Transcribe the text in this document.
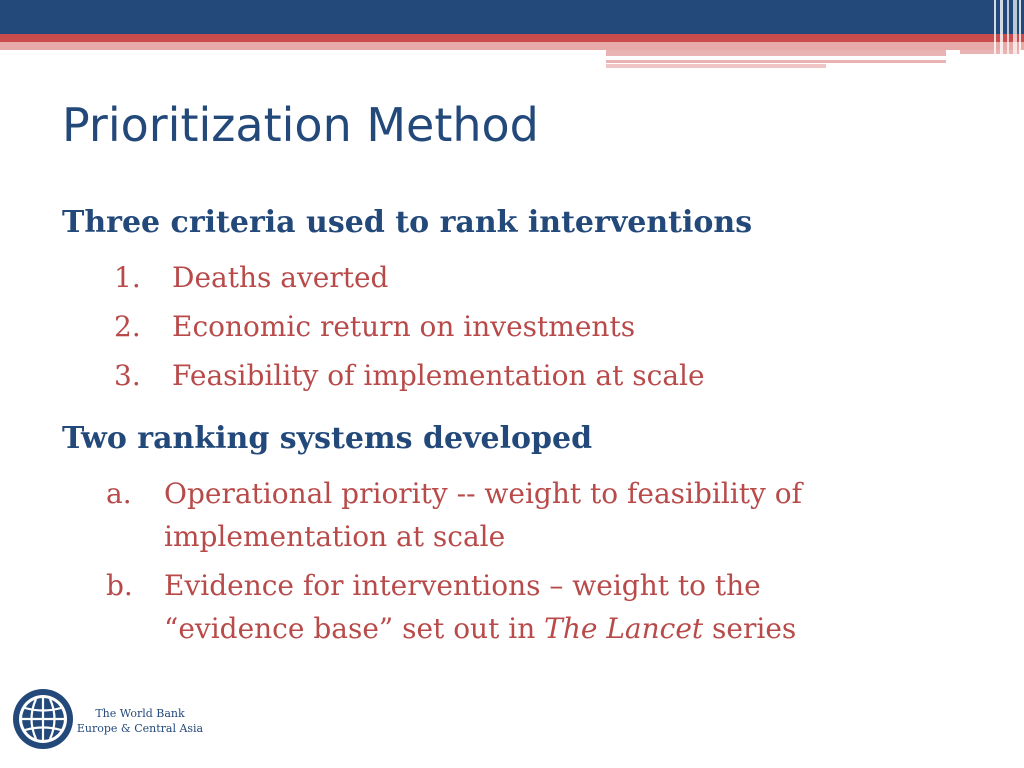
Prioritization Method
Three criteria used to rank interventions
1. Deaths averted
2. Economic return on investments
3. Feasibility of implementation at scale
Two ranking systems developed
a. Operational priority -- weight to feasibility of
implementation at scale
b. Evidence for interventions – weight to the
“evidence base” set out in The Lancet series
The World Bank
Europe & Central Asia
